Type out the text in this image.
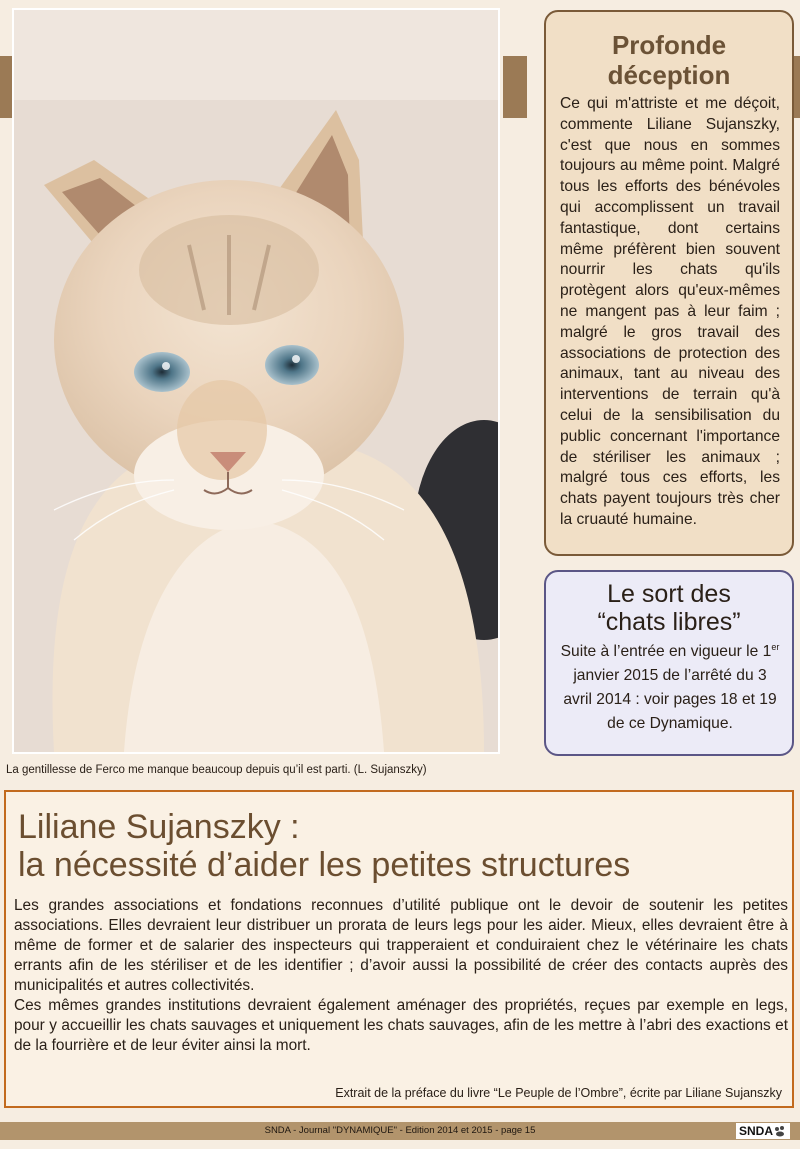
La gentillesse de Ferco me manque beaucoup depuis qu’il est parti. (L. Sujanszky)
Profonde
déception
Ce qui m'attriste et me déçoit, commente Liliane Sujanszky, c'est que nous en sommes toujours au même point. Malgré tous les efforts des bénévoles qui accomplissent un travail fantastique, dont certains même préfèrent bien souvent nourrir les chats qu'ils protègent alors qu'eux-mêmes ne mangent pas à leur faim ; malgré le gros travail des associations de protection des animaux, tant au niveau des interventions de terrain qu'à celui de la sensibilisation du public concernant l'importance de stériliser les animaux ; malgré tous ces efforts, les chats payent toujours très cher la cruauté humaine.
Le sort des
“chats libres”
Suite à l’entrée en vigueur le 1er janvier 2015 de l’arrêté du 3 avril 2014 : voir pages 18 et 19 de ce Dynamique.
Liliane Sujanszky :
la nécessité d’aider les petites structures

Les grandes associations et fondations reconnues d’utilité publique ont le devoir de soutenir les petites associations. Elles devraient leur distribuer un prorata de leurs legs pour les aider. Mieux, elles devraient être à même de former et de salarier des inspecteurs qui trapperaient et conduiraient chez le vétérinaire les chats errants afin de les stériliser et de les identifier ; d’avoir aussi la possibilité de créer des contacts auprès des municipalités et autres collectivités.

Ces mêmes grandes institutions devraient également aménager des propriétés, reçues par exemple en legs, pour y accueillir les chats sauvages et uniquement les chats sauvages, afin de les mettre à l’abri des exactions et de la fourrière et de leur éviter ainsi la mort.

Extrait de la préface du livre “Le Peuple de l’Ombre”, écrite par Liliane Sujanszky
SNDA - Journal "DYNAMIQUE" - Edition 2014 et 2015 - page 15	SNDA
